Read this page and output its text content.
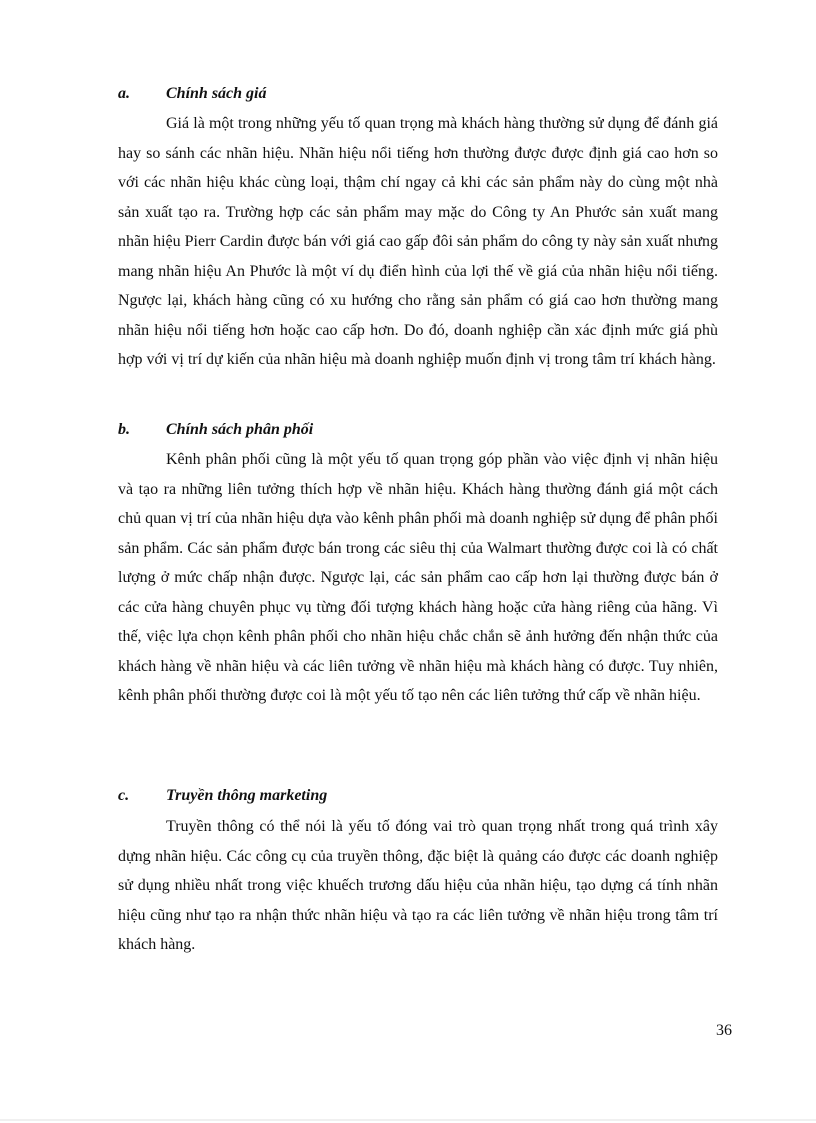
a. Chính sách giá

Giá là một trong những yếu tố quan trọng mà khách hàng thường sử dụng để đánh giá hay so sánh các nhãn hiệu. Nhãn hiệu nổi tiếng hơn thường được được định giá cao hơn so với các nhãn hiệu khác cùng loại, thậm chí ngay cả khi các sản phẩm này do cùng một nhà sản xuất tạo ra. Trường hợp các sản phẩm may mặc do Công ty An Phước sản xuất mang nhãn hiệu Pierr Cardin được bán với giá cao gấp đôi sản phẩm do công ty này sản xuất nhưng mang nhãn hiệu An Phước là một ví dụ điển hình của lợi thế về giá của nhãn hiệu nổi tiếng. Ngược lại, khách hàng cũng có xu hướng cho rằng sản phẩm có giá cao hơn thường mang nhãn hiệu nổi tiếng hơn hoặc cao cấp hơn. Do đó, doanh nghiệp cần xác định mức giá phù hợp với vị trí dự kiến của nhãn hiệu mà doanh nghiệp muốn định vị trong tâm trí khách hàng.

b. Chính sách phân phối

Kênh phân phối cũng là một yếu tố quan trọng góp phần vào việc định vị nhãn hiệu và tạo ra những liên tưởng thích hợp về nhãn hiệu. Khách hàng thường đánh giá một cách chủ quan vị trí của nhãn hiệu dựa vào kênh phân phối mà doanh nghiệp sử dụng để phân phối sản phẩm. Các sản phẩm được bán trong các siêu thị của Walmart thường được coi là có chất lượng ở mức chấp nhận được. Ngược lại, các sản phẩm cao cấp hơn lại thường được bán ở các cửa hàng chuyên phục vụ từng đối tượng khách hàng hoặc cửa hàng riêng của hãng. Vì thế, việc lựa chọn kênh phân phối cho nhãn hiệu chắc chắn sẽ ảnh hưởng đến nhận thức của khách hàng về nhãn hiệu và các liên tưởng về nhãn hiệu mà khách hàng có được. Tuy nhiên, kênh phân phối thường được coi là một yếu tố tạo nên các liên tưởng thứ cấp về nhãn hiệu.

c. Truyền thông marketing

Truyền thông có thể nói là yếu tố đóng vai trò quan trọng nhất trong quá trình xây dựng nhãn hiệu. Các công cụ của truyền thông, đặc biệt là quảng cáo được các doanh nghiệp sử dụng nhiều nhất trong việc khuếch trương dấu hiệu của nhãn hiệu, tạo dựng cá tính nhãn hiệu cũng như tạo ra nhận thức nhãn hiệu và tạo ra các liên tưởng về nhãn hiệu trong tâm trí khách hàng.

36
